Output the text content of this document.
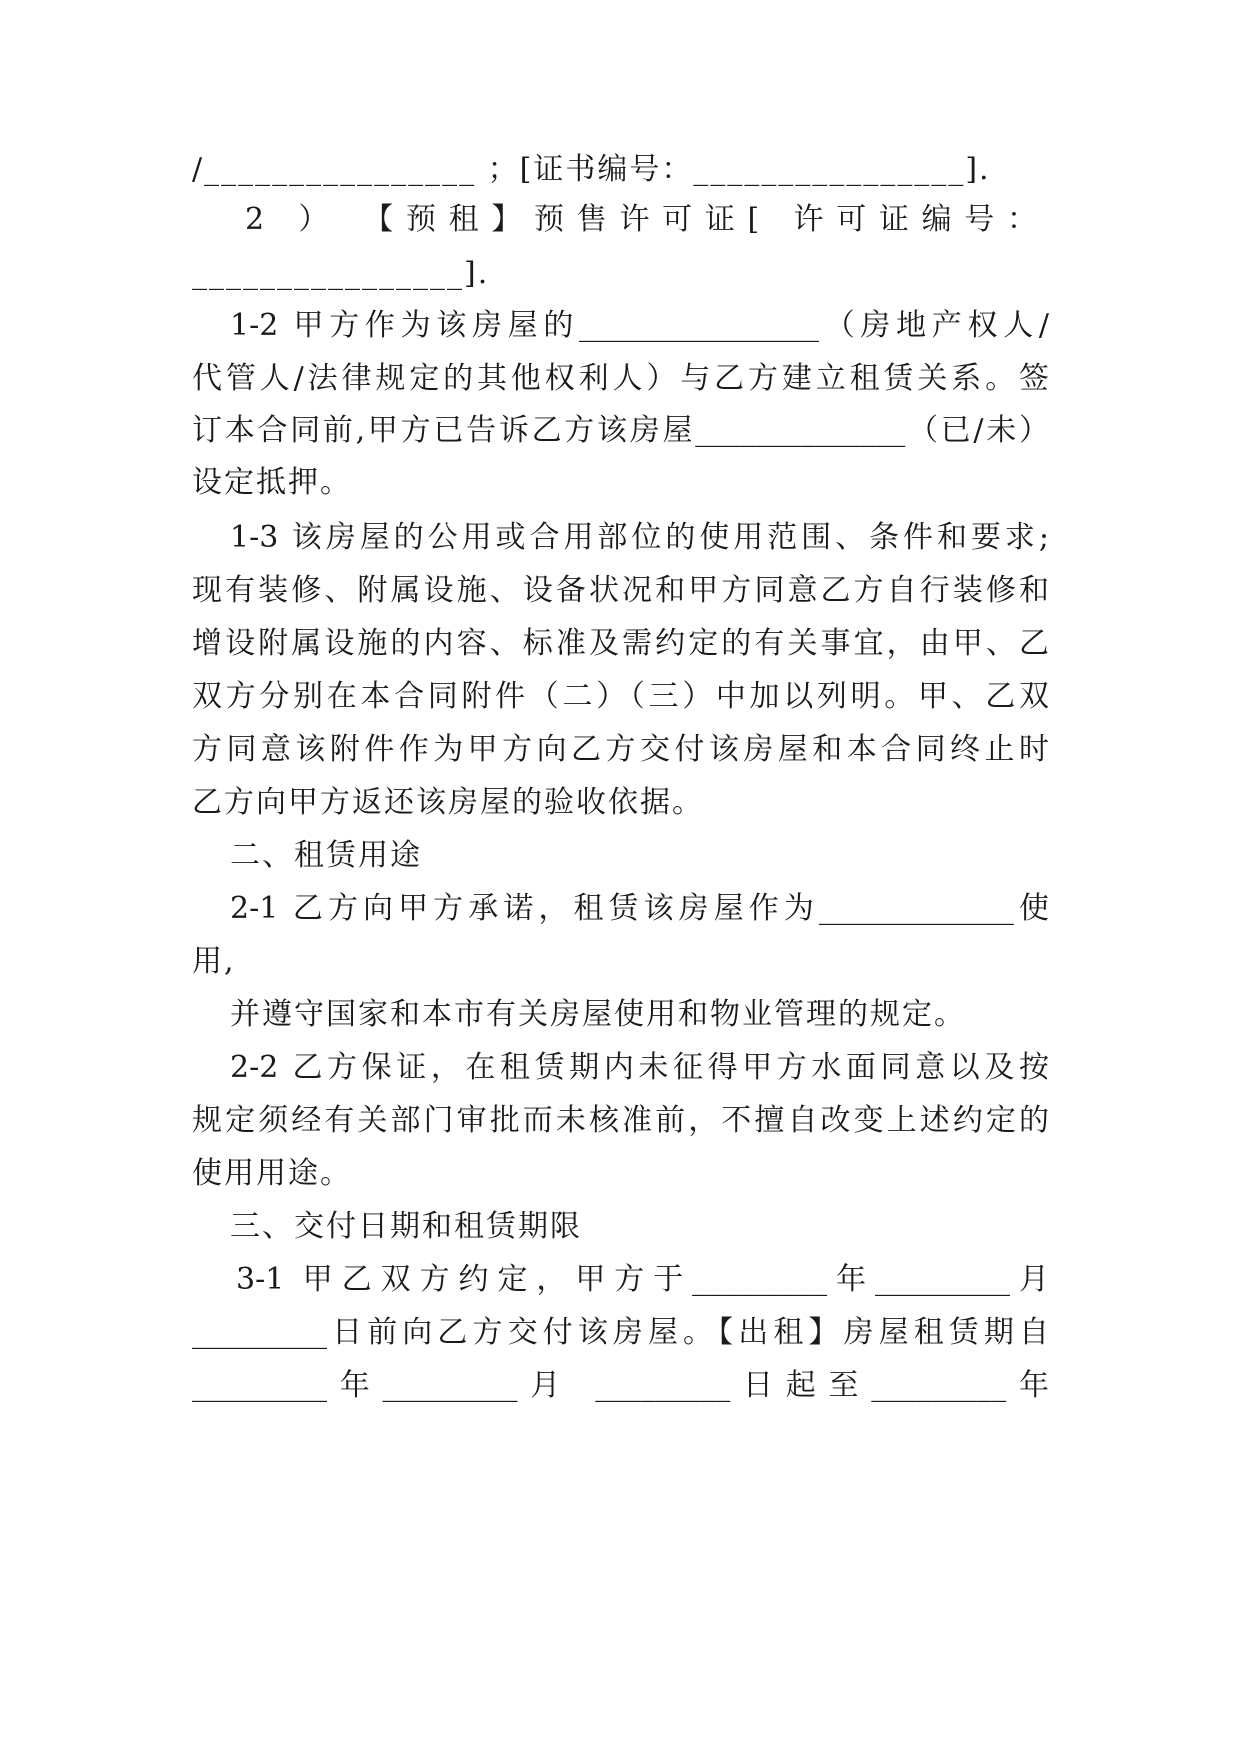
/________________ ；[证书编号：________________].
2 ） 【预租】预售许可证[ 许可证编号：
________________].
1-2 甲方作为该房屋的________________（房地产权人/
代管人/法律规定的其他权利人）与乙方建立租赁关系。签
订本合同前,甲方已告诉乙方该房屋______________（已/未）
设定抵押。
1-3 该房屋的公用或合用部位的使用范围、条件和要求;
现有装修、附属设施、设备状况和甲方同意乙方自行装修和
增设附属设施的内容、标准及需约定的有关事宜，由甲、乙
双方分别在本合同附件（二）（三）中加以列明。甲、乙双
方同意该附件作为甲方向乙方交付该房屋和本合同终止时
乙方向甲方返还该房屋的验收依据。
二、租赁用途
2-1 乙方向甲方承诺，租赁该房屋作为_____________使
用,
并遵守国家和本市有关房屋使用和物业管理的规定。
2-2 乙方保证，在租赁期内未征得甲方水面同意以及按
规定须经有关部门审批而未核准前，不擅自改变上述约定的
使用用途。
三、交付日期和租赁期限
3-1 甲乙双方约定，甲方于_________年_________月
_________日前向乙方交付该房屋。【出租】房屋租赁期自
_________年_________月 _________日起至_________年
